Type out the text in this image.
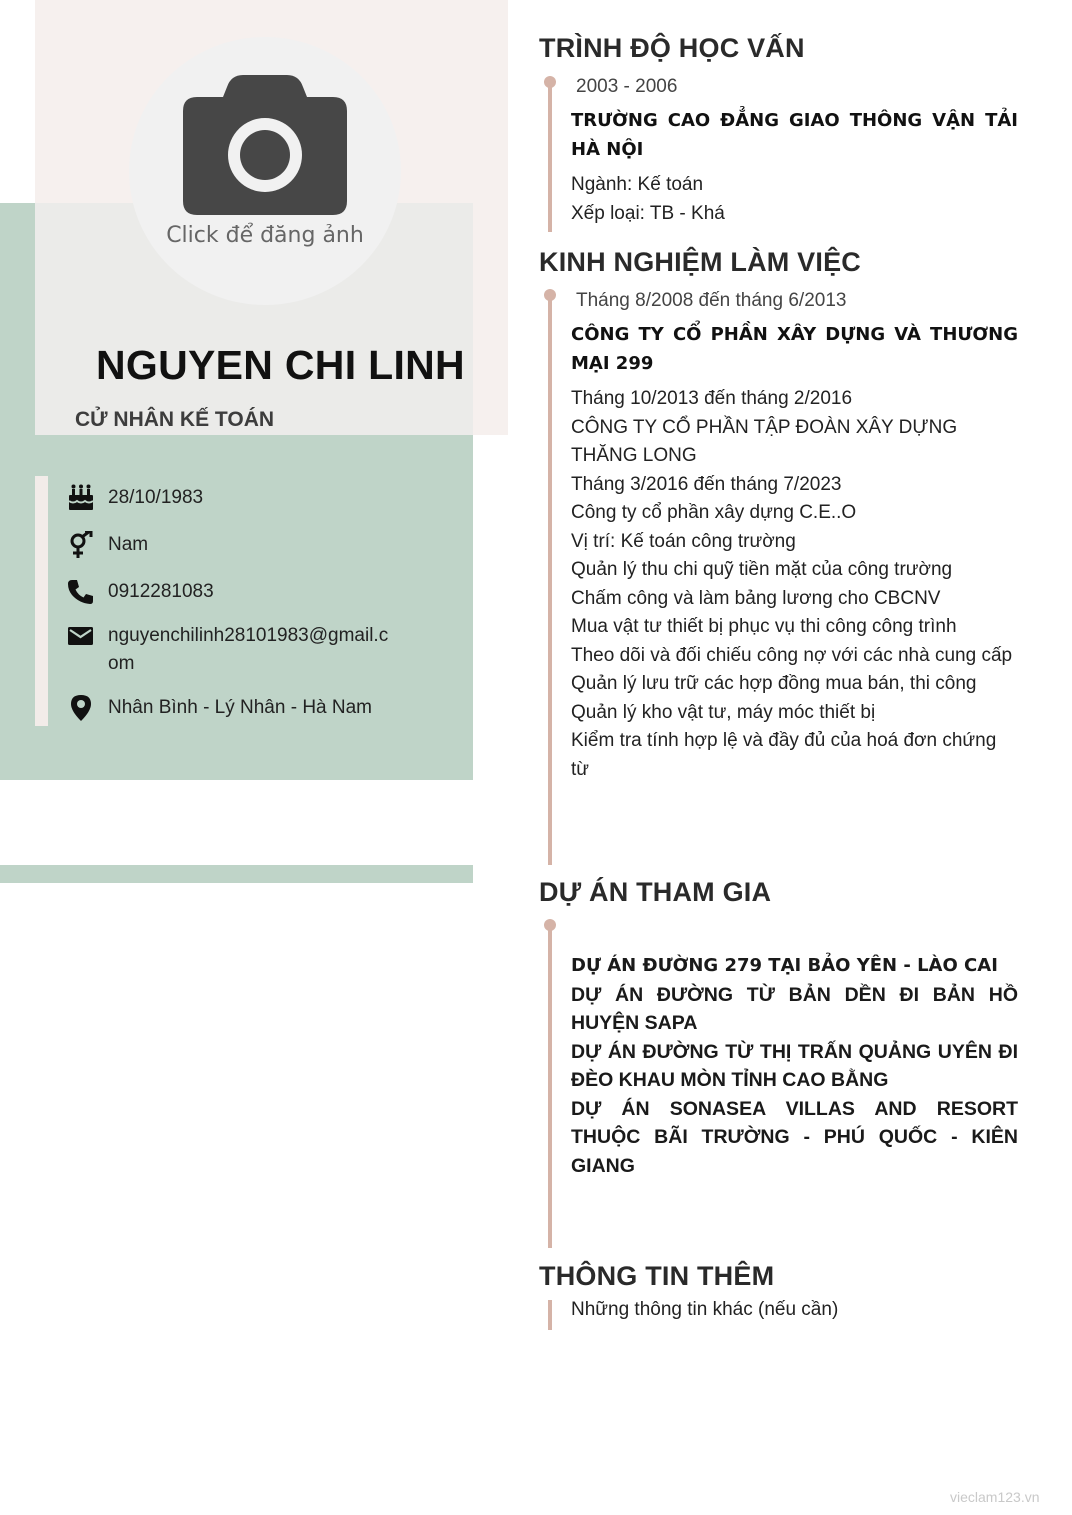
Click để đăng ảnh
NGUYEN CHI LINH
CỬ NHÂN KẾ TOÁN
28/10/1983
Nam
0912281083
nguyenchilinh28101983@gmail.com
Nhân Bình - Lý Nhân - Hà Nam
TRÌNH ĐỘ HỌC VẤN
2003 - 2006
TRƯỜNG CAO ĐẲNG GIAO THÔNG VẬN TẢI HÀ NỘI
Ngành: Kế toán
Xếp loại: TB - Khá
KINH NGHIỆM LÀM VIỆC
Tháng 8/2008 đến tháng 6/2013
CÔNG TY CỔ PHẦN XÂY DỰNG VÀ THƯƠNG MẠI 299
Tháng 10/2013 đến tháng 2/2016
CÔNG TY CỔ PHẦN TẬP ĐOÀN XÂY DỰNG THĂNG LONG
Tháng 3/2016 đến tháng 7/2023
Công ty cổ phần xây dựng C.E..O
Vị trí: Kế toán công trường
Quản lý thu chi quỹ tiền mặt của công trường
Chấm công và làm bảng lương cho CBCNV
Mua vật tư thiết bị phục vụ thi công công trình
Theo dõi và đối chiếu công nợ với các nhà cung cấp
Quản lý lưu trữ các hợp đồng mua bán, thi công
Quản lý kho vật tư, máy móc thiết bị
Kiểm tra tính hợp lệ và đầy đủ của hoá đơn chứng từ
DỰ ÁN THAM GIA
DỰ ÁN ĐƯỜNG 279 TẠI BẢO YÊN - LÀO CAI
DỰ ÁN ĐƯỜNG TỪ BẢN DỀN ĐI BẢN HỒ HUYỆN SAPA
DỰ ÁN ĐƯỜNG TỪ THỊ TRẤN QUẢNG UYÊN ĐI ĐÈO KHAU MÒN TỈNH CAO BẰNG
DỰ ÁN SONASEA VILLAS AND RESORT THUỘC BÃI TRƯỜNG - PHÚ QUỐC - KIÊN GIANG
THÔNG TIN THÊM
Những thông tin khác (nếu cần)
vieclam123.vn
